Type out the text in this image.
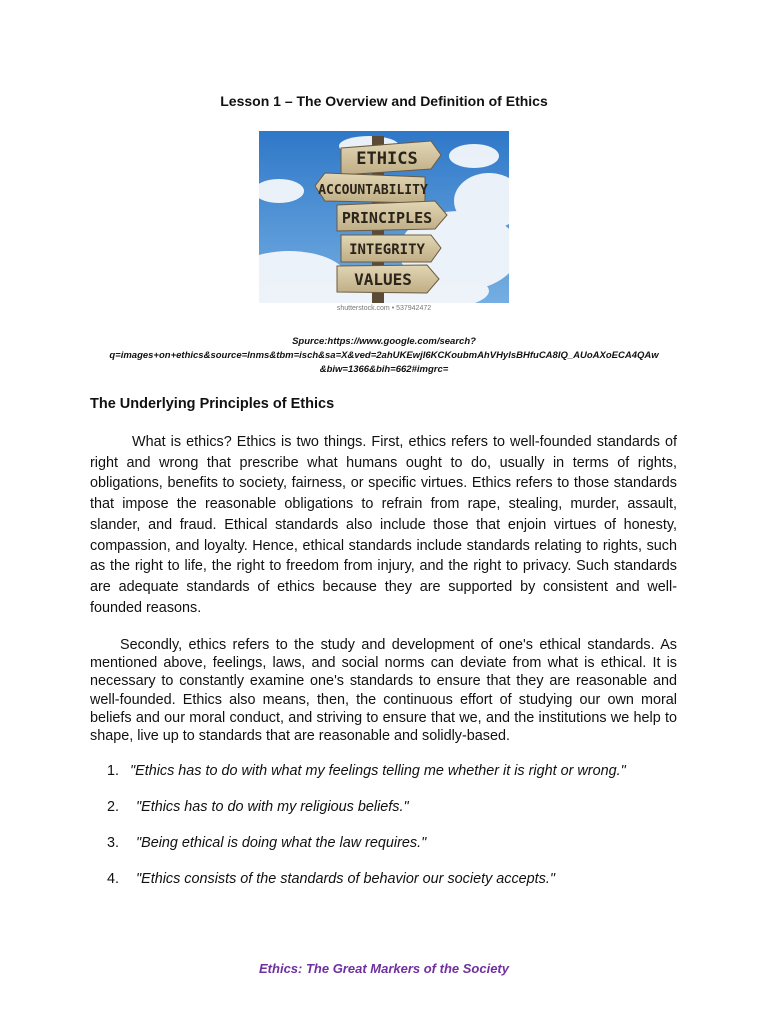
Lesson 1 – The Overview and Definition of Ethics
ETHICS
ACCOUNTABILITY
PRINCIPLES
INTEGRITY
VALUES
shutterstock.com • 537942472
Spurce:https://www.google.com/search?
q=images+on+ethics&source=lnms&tbm=isch&sa=X&ved=2ahUKEwjl6KCKoubmAhVHylsBHfuCA8IQ_AUoAXoECA4QAw
&biw=1366&bih=662#imgrc=
The Underlying Principles of Ethics

What is ethics? Ethics is two things. First, ethics refers to well-founded standards of right and wrong that prescribe what humans ought to do, usually in terms of rights, obligations, benefits to society, fairness, or specific virtues. Ethics refers to those standards that impose the reasonable obligations to refrain from rape, stealing, murder, assault, slander, and fraud. Ethical standards also include those that enjoin virtues of honesty, compassion, and loyalty. Hence, ethical standards include standards relating to rights, such as the right to life, the right to freedom from injury, and the right to privacy. Such standards are adequate standards of ethics because they are supported by consistent and well-founded reasons.

Secondly, ethics refers to the study and development of one's ethical standards. As mentioned above, feelings, laws, and social norms can deviate from what is ethical. It is necessary to constantly examine one's standards to ensure that they are reasonable and well-founded. Ethics also means, then, the continuous effort of studying our own moral beliefs and our moral conduct, and striving to ensure that we, and the institutions we help to shape, live up to standards that are reasonable and solidly-based.

1. "Ethics has to do with what my feelings telling me whether it is right or wrong."
2. "Ethics has to do with my religious beliefs."
3. "Being ethical is doing what the law requires."
4. "Ethics consists of the standards of behavior our society accepts."
Ethics: The Great Markers of the Society
